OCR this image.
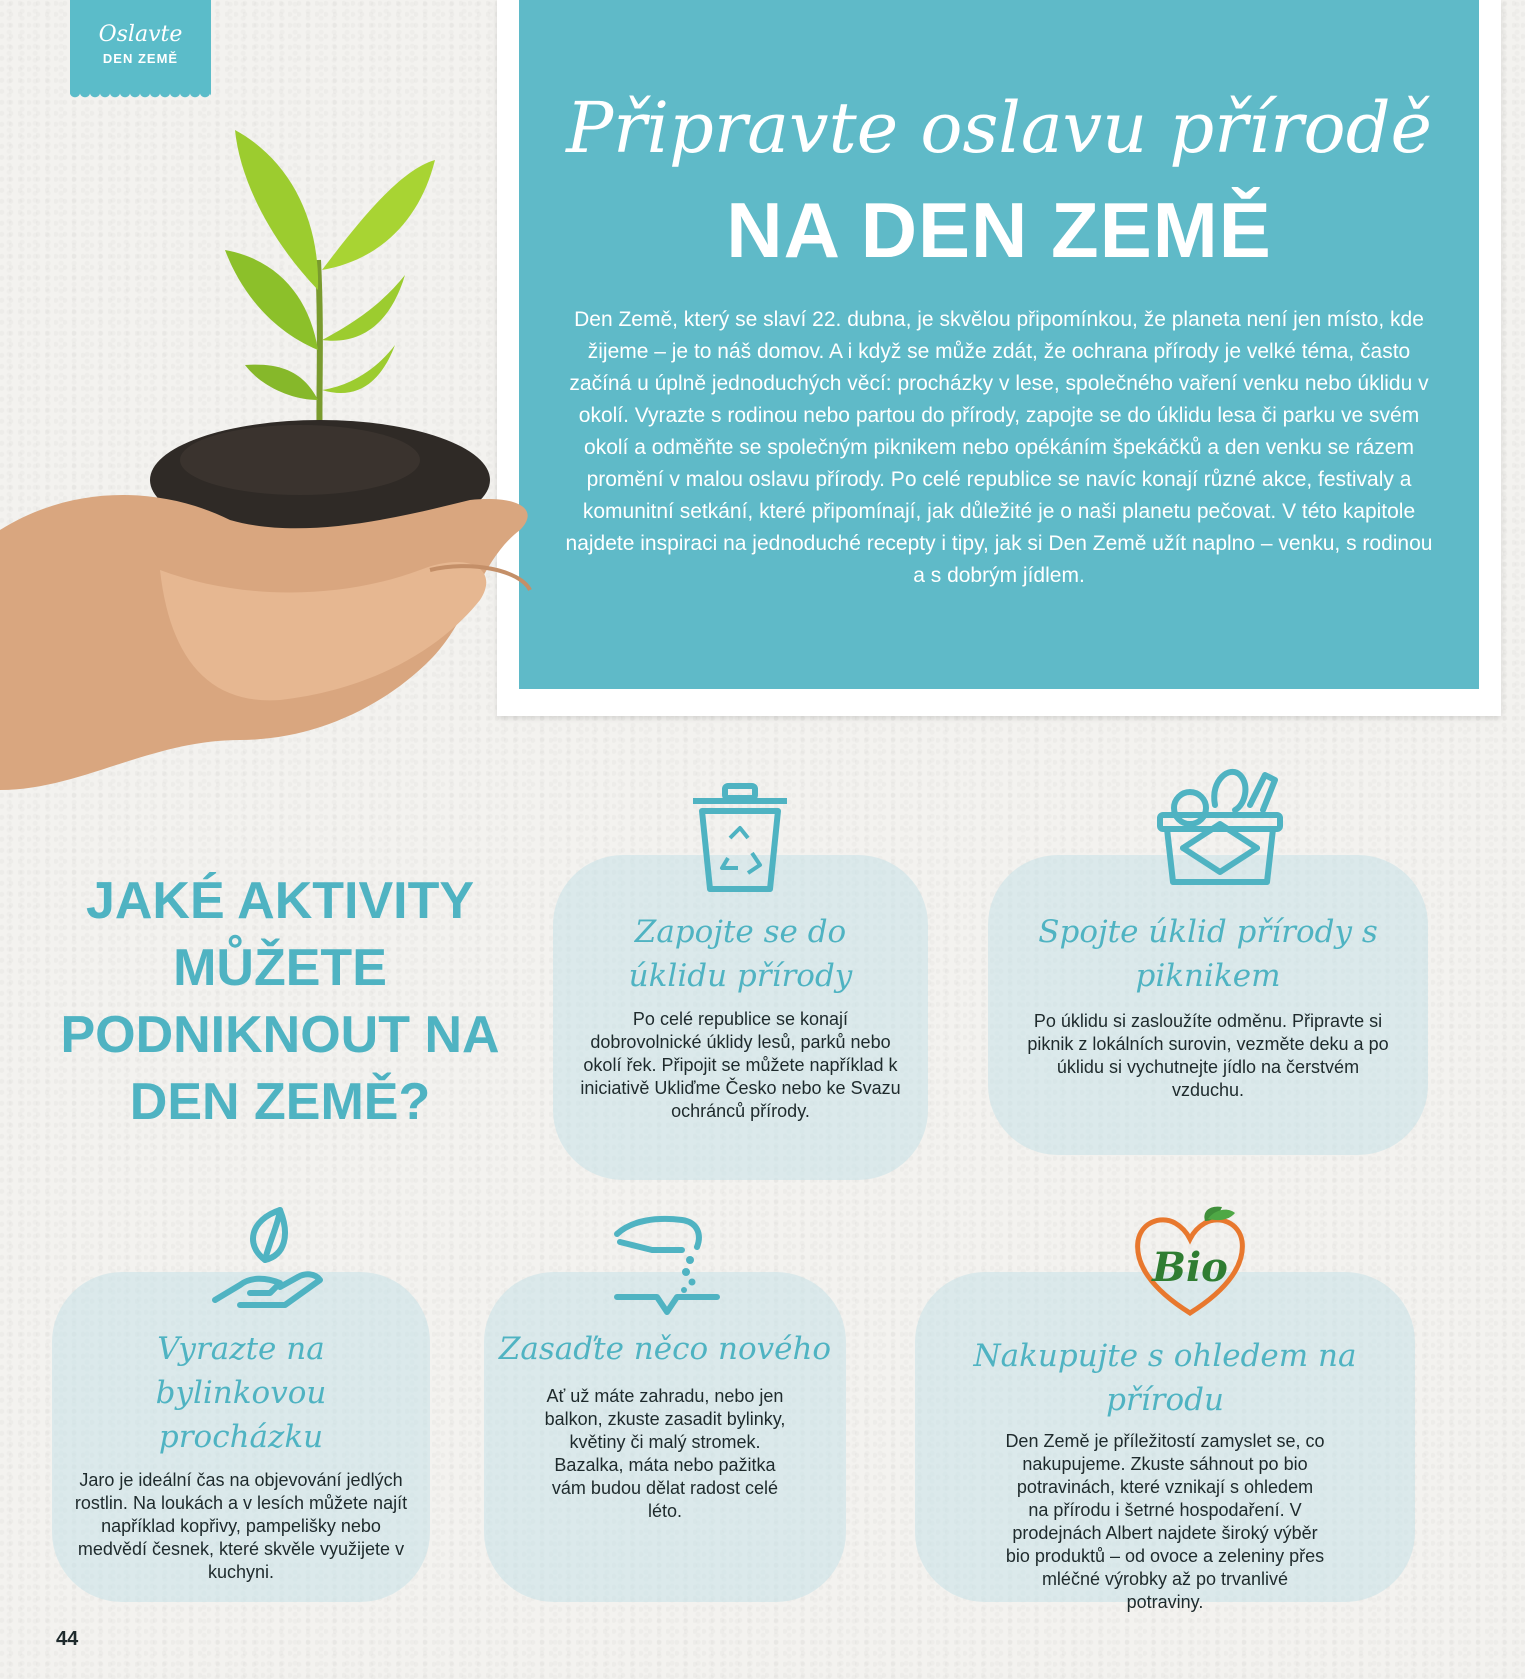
Oslavte
DEN ZEMĚ
Připravte oslavu přírodě
NA DEN ZEMĚ
Den Země, který se slaví 22. dubna, je skvělou připomínkou, že planeta není jen místo, kde žijeme – je to náš domov. A i když se může zdát, že ochrana přírody je velké téma, často začíná u úplně jednoduchých věcí: procházky v lese, společného vaření venku nebo úklidu v okolí. Vyrazte s rodinou nebo partou do přírody, zapojte se do úklidu lesa či parku ve svém okolí a odměňte se společným piknikem nebo opékáním špekáčků a den venku se rázem promění v malou oslavu přírody. Po celé republice se navíc konají různé akce, festivaly a komunitní setkání, které připomínají, jak důležité je o naši planetu pečovat. V této kapitole najdete inspiraci na jednoduché recepty i tipy, jak si Den Země užít naplno – venku, s rodinou a s dobrým jídlem.
JAKÉ AKTIVITY MŮŽETE PODNIKNOUT NA DEN ZEMĚ?
Zapojte se do úklidu přírody
Po celé republice se konají dobrovolnické úklidy lesů, parků nebo okolí řek. Připojit se můžete například k iniciativě Ukliďme Česko nebo ke Svazu ochránců přírody.
Spojte úklid přírody s piknikem
Po úklidu si zasloužíte odměnu. Připravte si piknik z lokálních surovin, vezměte deku a po úklidu si vychutnejte jídlo na čerstvém vzduchu.
Vyrazte na bylinkovou procházku
Jaro je ideální čas na objevování jedlých rostlin. Na loukách a v lesích můžete najít například kopřivy, pampelišky nebo medvědí česnek, které skvěle využijete v kuchyni.
Zasaďte něco nového
Ať už máte zahradu, nebo jen balkon, zkuste zasadit bylinky, květiny či malý stromek. Bazalka, máta nebo pažitka vám budou dělat radost celé léto.
Nakupujte s ohledem na přírodu
Den Země je příležitostí zamyslet se, co nakupujeme. Zkuste sáhnout po bio potravinách, které vznikají s ohledem na přírodu i šetrné hospodaření. V prodejnách Albert najdete široký výběr bio produktů – od ovoce a zeleniny přes mléčné výrobky až po trvanlivé potraviny.
Bio
44
